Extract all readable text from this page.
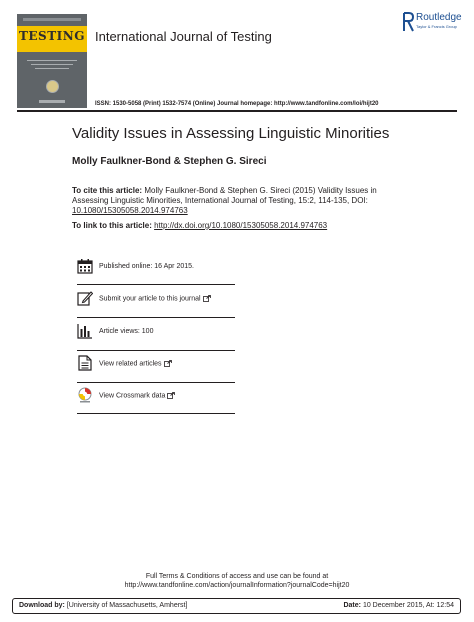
TESTING International Journal of Testing
Routledge
Taylor & Francis Group
ISSN: 1530-5058 (Print) 1532-7574 (Online) Journal homepage: http://www.tandfonline.com/loi/hijt20
Validity Issues in Assessing Linguistic Minorities
Molly Faulkner-Bond & Stephen G. Sireci
To cite this article: Molly Faulkner-Bond & Stephen G. Sireci (2015) Validity Issues in Assessing Linguistic Minorities, International Journal of Testing, 15:2, 114-135, DOI:
10.1080/15305058.2014.974763
To link to this article: http://dx.doi.org/10.1080/15305058.2014.974763
Published online: 16 Apr 2015.
Submit your article to this journal
Article views: 100
View related articles
View Crossmark data
Full Terms & Conditions of access and use can be found at
http://www.tandfonline.com/action/journalInformation?journalCode=hijt20
Download by: [University of Massachusetts, Amherst]	Date: 10 December 2015, At: 12:54
